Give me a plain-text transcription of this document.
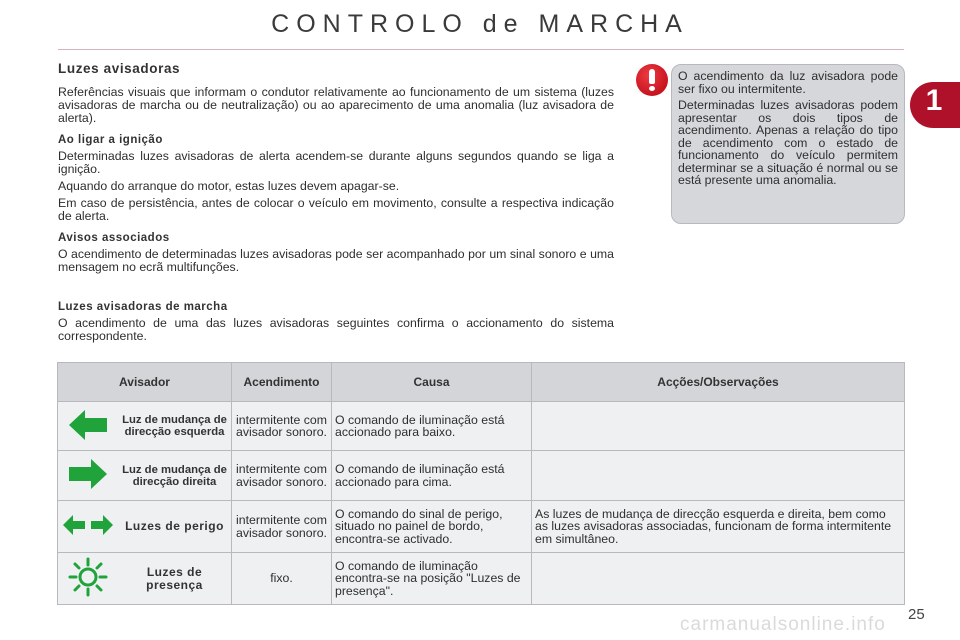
CONTROLO de MARCHA
1
Luzes avisadoras

Referências visuais que informam o condutor relativamente ao funcionamento de um sistema (luzes avisadoras de marcha ou de neutralização) ou ao aparecimento de uma anomalia (luz avisadora de alerta).

Ao ligar a ignição

Determinadas luzes avisadoras de alerta acendem-se durante alguns segundos quando se liga a ignição.

Aquando do arranque do motor, estas luzes devem apagar-se.

Em caso de persistência, antes de colocar o veículo em movimento, consulte a respectiva indicação de alerta.

Avisos associados

O acendimento de determinadas luzes avisadoras pode ser acompanhado por um sinal sonoro e uma mensagem no ecrã multifunções.

Luzes avisadoras de marcha

O acendimento de uma das luzes avisadoras seguintes confirma o accionamento do sistema correspondente.

O acendimento da luz avisadora pode ser fixo ou intermitente.

Determinadas luzes avisadoras podem apresentar os dois tipos de acendimento. Apenas a relação do tipo de acendimento com o estado de funcionamento do veículo permitem determinar se a situação é normal ou se está presente uma anomalia.

Avisador	Acendimento	Causa	Acções/Observações

Luz de mudança de direcção esquerda	intermitente com avisador sonoro.	O comando de iluminação está accionado para baixo.	

Luz de mudança de direcção direita	intermitente com avisador sonoro.	O comando de iluminação está accionado para cima.	

Luzes de perigo	intermitente com avisador sonoro.	O comando do sinal de perigo, situado no painel de bordo, encontra-se activado.	As luzes de mudança de direcção esquerda e direita, bem como as luzes avisadoras associadas, funcionam de forma intermitente em simultâneo.

Luzes de presença	fixo.	O comando de iluminação encontra-se na posição "Luzes de presença".	
25
carmanualsonline.info
